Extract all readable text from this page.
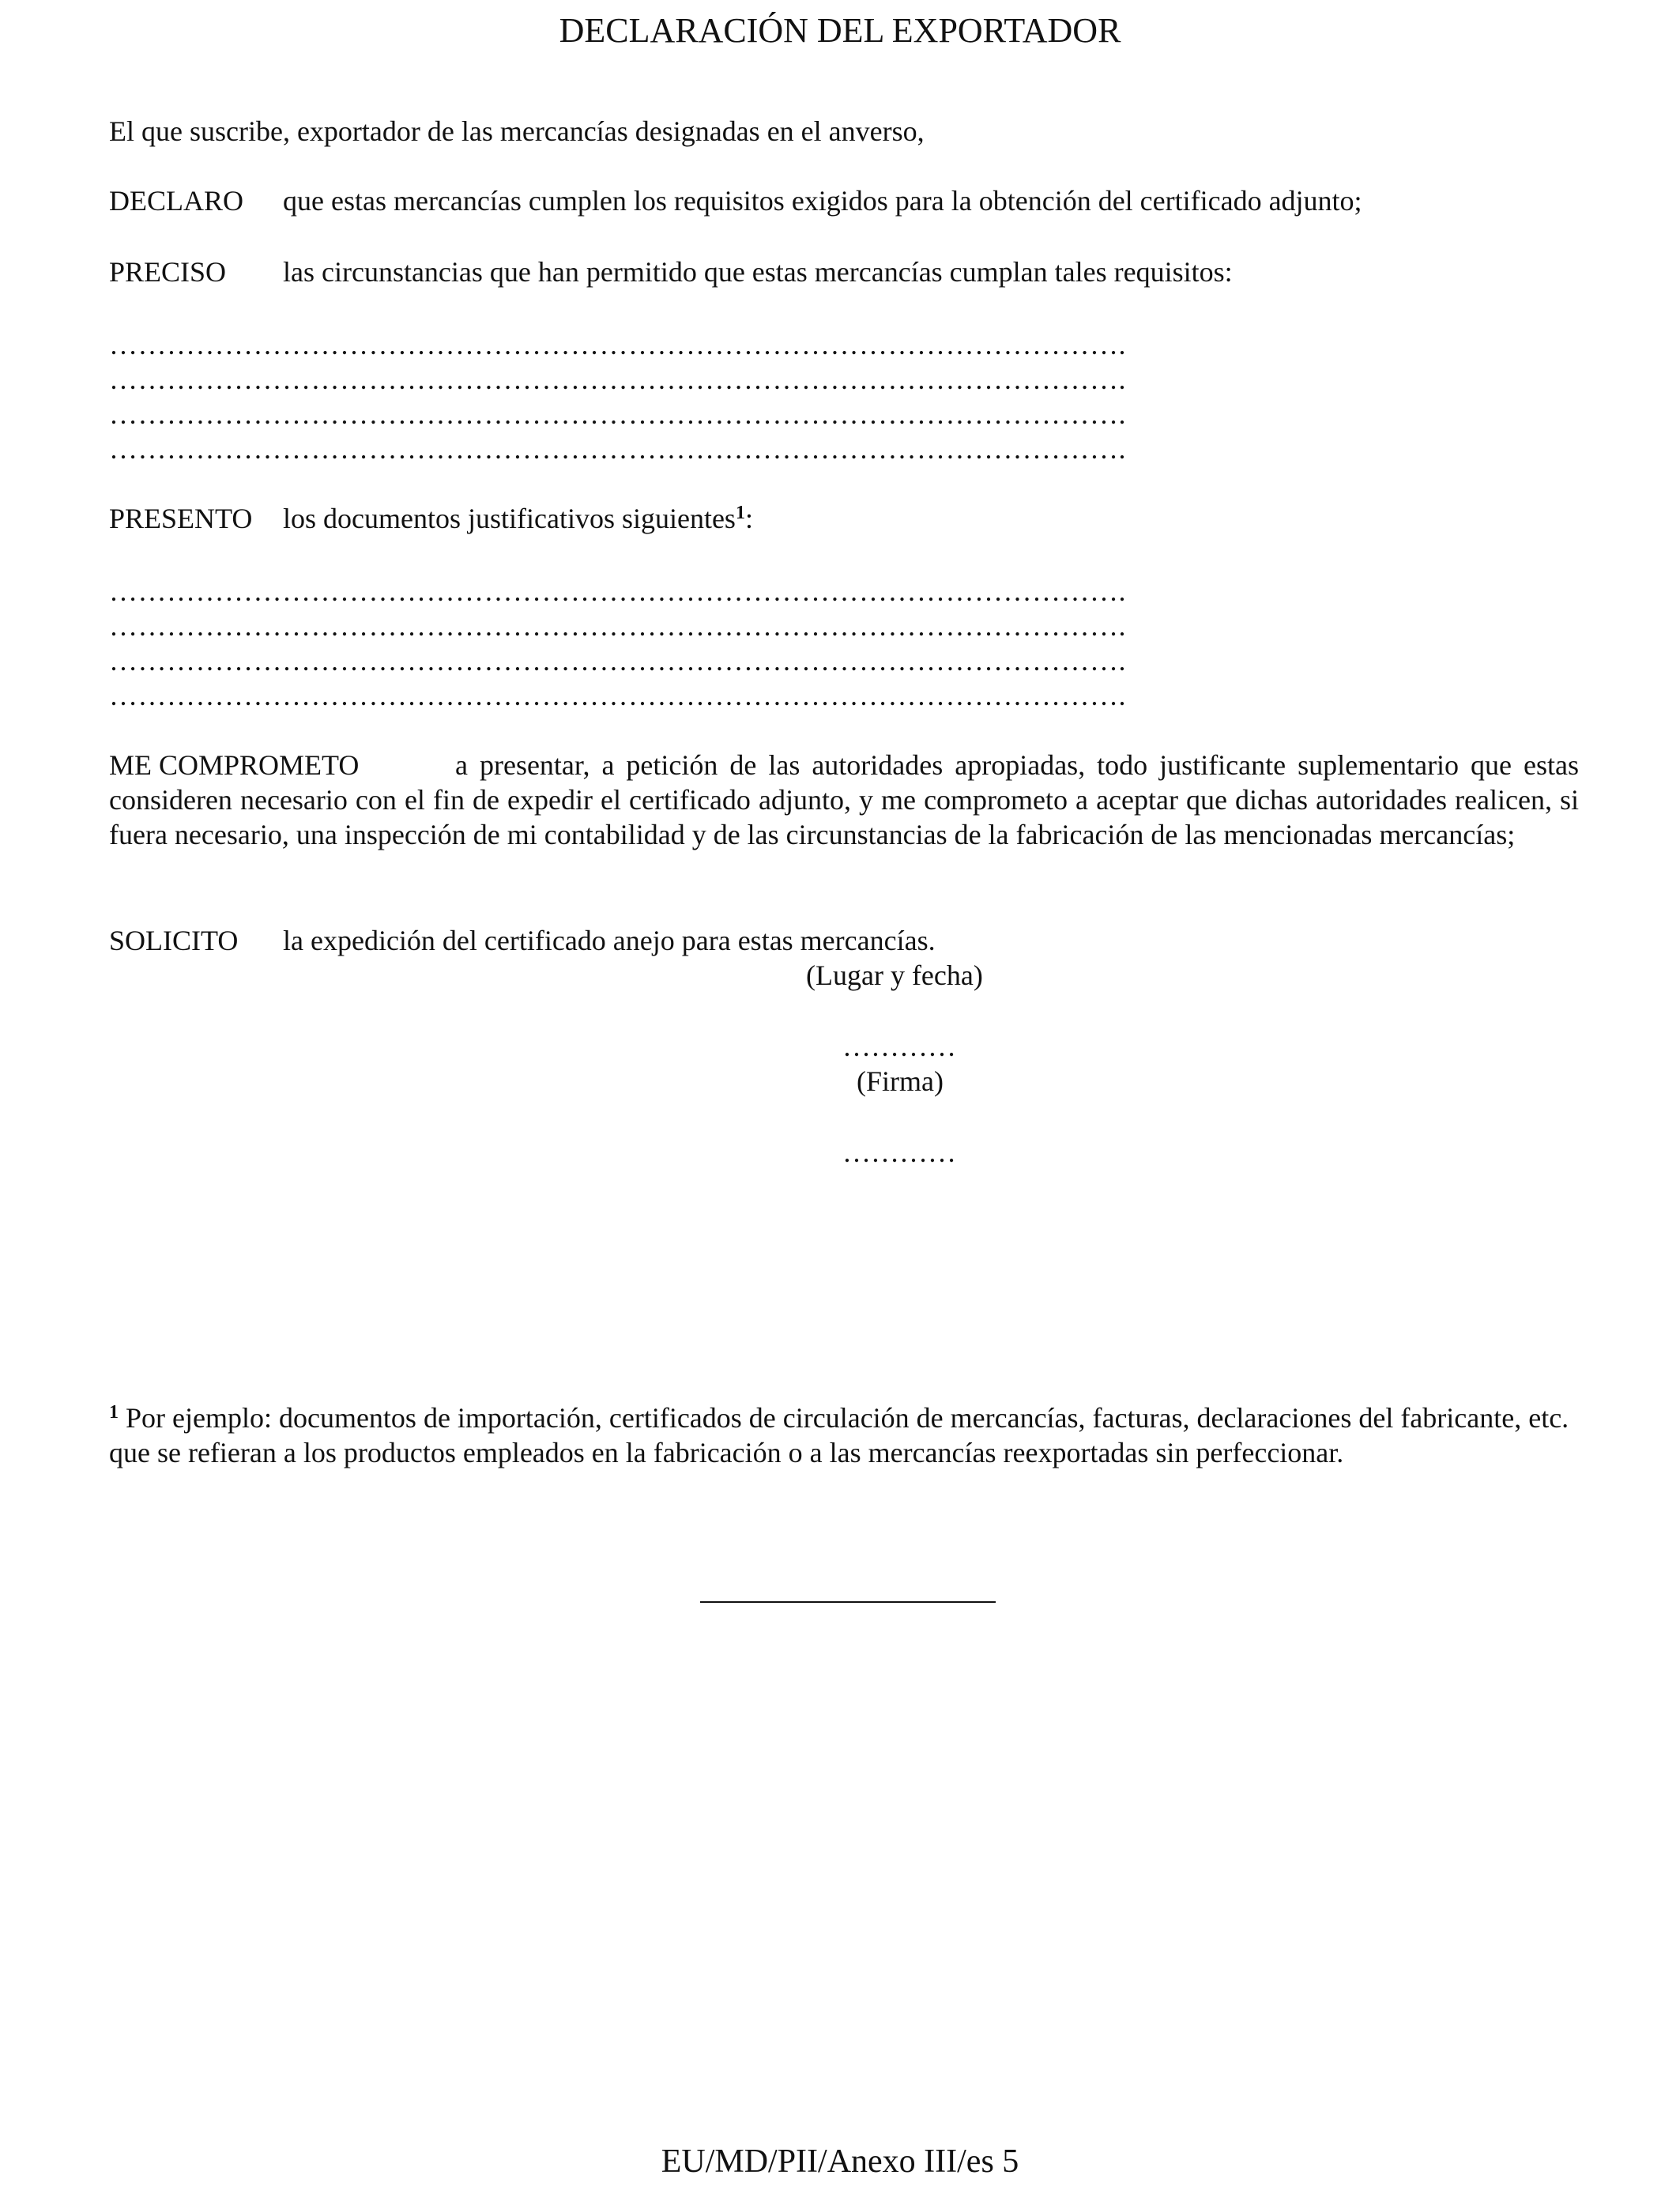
DECLARACIÓN DEL EXPORTADOR
El que suscribe, exportador de las mercancías designadas en el anverso,
DECLARO que estas mercancías cumplen los requisitos exigidos para la obtención del certificado adjunto;
PRECISO las circunstancias que han permitido que estas mercancías cumplan tales requisitos:
…………………………………………………………………………………………….
…………………………………………………………………………………………….
…………………………………………………………………………………………….
…………………………………………………………………………………………….
PRESENTO los documentos justificativos siguientes$^1$:
…………………………………………………………………………………………….
…………………………………………………………………………………………….
…………………………………………………………………………………………….
…………………………………………………………………………………………….
ME COMPROMETO	a presentar, a petición de las autoridades apropiadas, todo justificante suplementario que estas consideren necesario con el fin de expedir el certificado adjunto, y me comprometo a aceptar que dichas autoridades realicen, si fuera necesario, una inspección de mi contabilidad y de las circunstancias de la fabricación de las mencionadas mercancías;
SOLICITO la expedición del certificado anejo para estas mercancías.
(Lugar y fecha)
…………
(Firma)
…………
$^1$ Por ejemplo: documentos de importación, certificados de circulación de mercancías, facturas, declaraciones del fabricante, etc. que se refieran a los productos empleados en la fabricación o a las mercancías reexportadas sin perfeccionar.
EU/MD/PII/Anexo III/es 5
